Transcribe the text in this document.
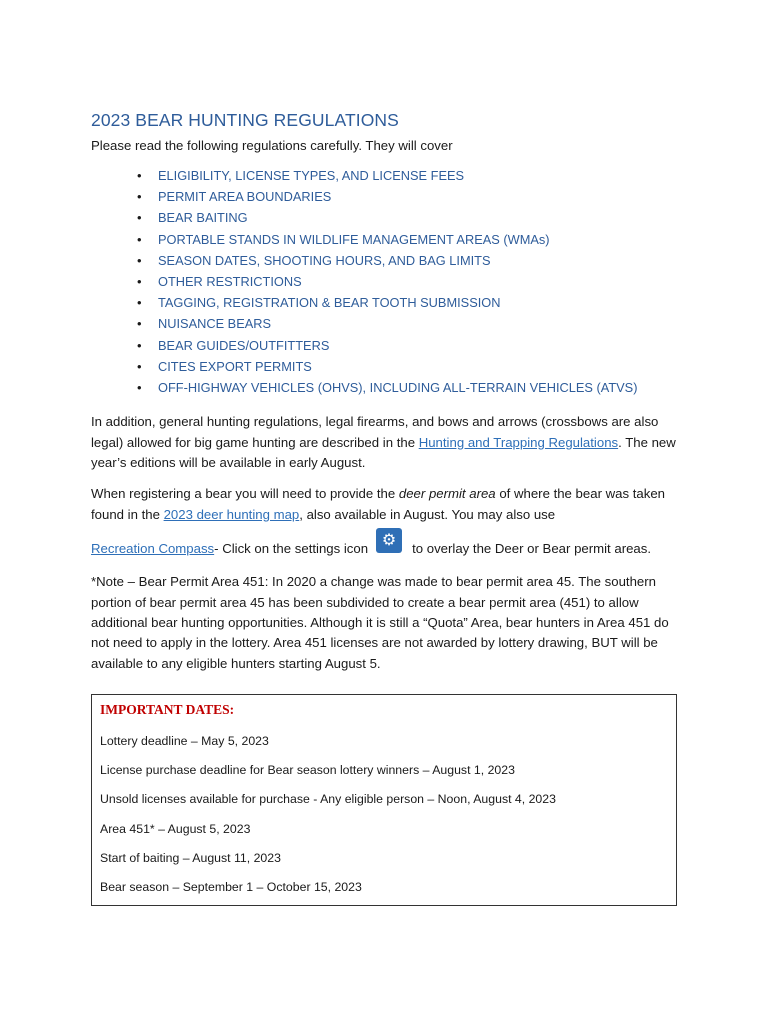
2023 BEAR HUNTING REGULATIONS

Please read the following regulations carefully. They will cover

• ELIGIBILITY, LICENSE TYPES, AND LICENSE FEES
• PERMIT AREA BOUNDARIES
• BEAR BAITING
• PORTABLE STANDS IN WILDLIFE MANAGEMENT AREAS (WMAs)
• SEASON DATES, SHOOTING HOURS, AND BAG LIMITS
• OTHER RESTRICTIONS
• TAGGING, REGISTRATION & BEAR TOOTH SUBMISSION
• NUISANCE BEARS
• BEAR GUIDES/OUTFITTERS
• CITES EXPORT PERMITS
• OFF-HIGHWAY VEHICLES (OHVS), INCLUDING ALL-TERRAIN VEHICLES (ATVS)

In addition, general hunting regulations, legal firearms, and bows and arrows (crossbows are also legal) allowed for big game hunting are described in the Hunting and Trapping Regulations. The new year’s editions will be available in early August.

When registering a bear you will need to provide the deer permit area of where the bear was taken found in the 2023 deer hunting map, also available in August. You may also use

Recreation Compass - Click on the settings icon ⚙	to overlay the Deer or Bear permit areas.

*Note – Bear Permit Area 451: In 2020 a change was made to bear permit area 45. The southern portion of bear permit area 45 has been subdivided to create a bear permit area (451) to allow additional bear hunting opportunities. Although it is still a “Quota” Area, bear hunters in Area 451 do not need to apply in the lottery. Area 451 licenses are not awarded by lottery drawing, BUT will be available to any eligible hunters starting August 5.

IMPORTANT DATES:
Lottery deadline – May 5, 2023
License purchase deadline for Bear season lottery winners – August 1, 2023
Unsold licenses available for purchase - Any eligible person – Noon, August 4, 2023
Area 451* – August 5, 2023
Start of baiting – August 11, 2023
Bear season – September 1 – October 15, 2023
